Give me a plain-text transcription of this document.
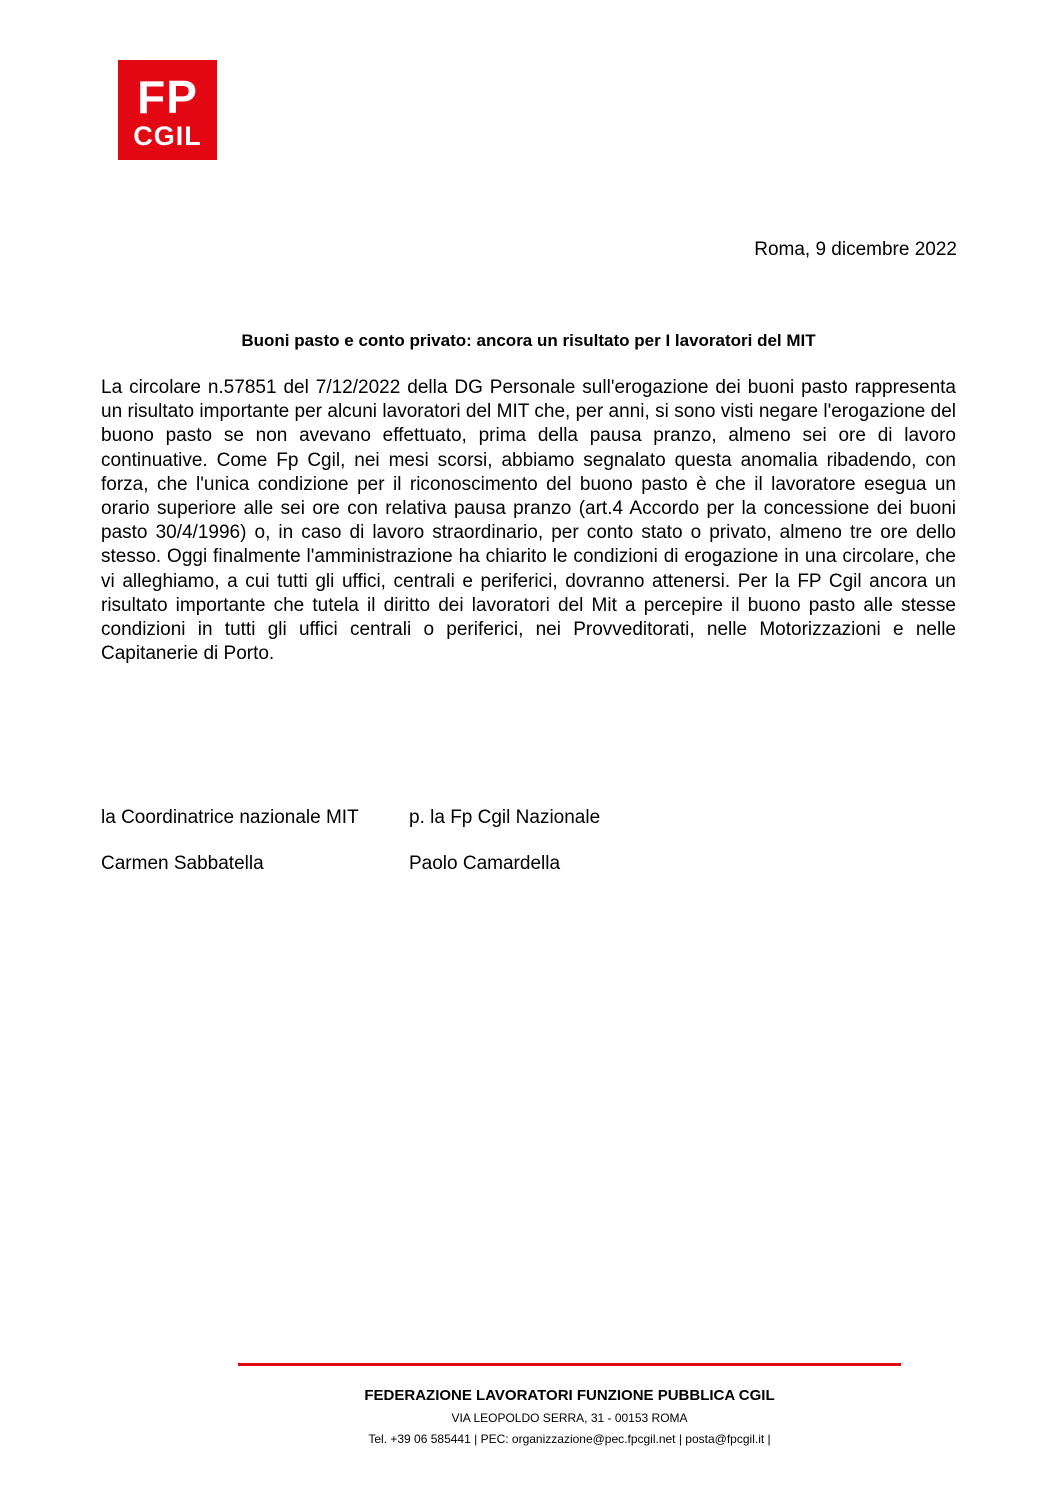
FP
CGIL
Roma, 9 dicembre 2022
Buoni pasto e conto privato: ancora un risultato per I lavoratori del MIT

La circolare n.57851 del 7/12/2022 della DG Personale sull'erogazione dei buoni pasto rappresenta un risultato importante per alcuni lavoratori del MIT che, per anni, si sono visti negare l'erogazione del buono pasto se non avevano effettuato, prima della pausa pranzo, almeno sei ore di lavoro continuative. Come Fp Cgil, nei mesi scorsi, abbiamo segnalato questa anomalia ribadendo, con forza, che l'unica condizione per il riconoscimento del buono pasto è che il lavoratore esegua un orario superiore alle sei ore con relativa pausa pranzo (art.4 Accordo per la concessione dei buoni pasto 30/4/1996) o, in caso di lavoro straordinario, per conto stato o privato, almeno tre ore dello stesso. Oggi finalmente l'amministrazione ha chiarito le condizioni di erogazione in una circolare, che vi alleghiamo, a cui tutti gli uffici, centrali e periferici, dovranno attenersi. Per la FP Cgil ancora un risultato importante che tutela il diritto dei lavoratori del Mit a percepire il buono pasto alle stesse condizioni in tutti gli uffici centrali o periferici, nei Provveditorati, nelle Motorizzazioni e nelle Capitanerie di Porto.

la Coordinatrice nazionale MIT	p. la Fp Cgil Nazionale
Carmen Sabbatella	Paolo Camardella
FEDERAZIONE LAVORATORI FUNZIONE PUBBLICA CGIL
VIA LEOPOLDO SERRA, 31 - 00153 ROMA
Tel. +39 06 585441 | PEC: organizzazione@pec.fpcgil.net | posta@fpcgil.it |
